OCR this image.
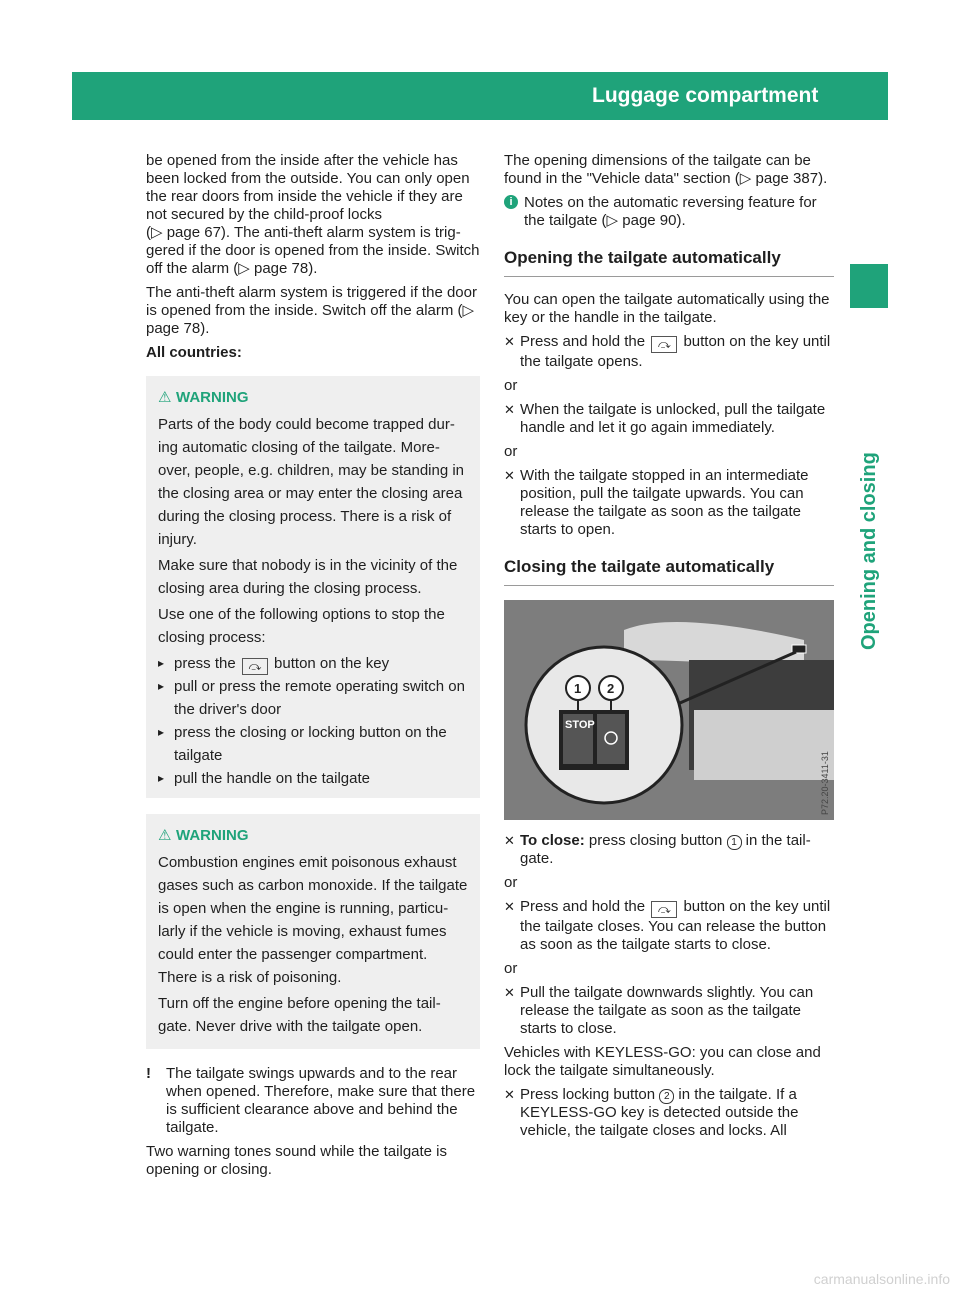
Luggage compartment	91
Opening and closing

be opened from the inside after the vehicle has been locked from the outside. You can only open the rear doors from inside the vehicle if they are not secured by the child-proof locks

(▷ page 67). The anti-theft alarm system is trig-gered if the door is opened from the inside. Switch off the alarm (▷ page 78).

The anti-theft alarm system is triggered if the door is opened from the inside. Switch off the alarm (▷ page 78).

All countries:

⚠ WARNING

Parts of the body could become trapped dur-ing automatic closing of the tailgate. More-over, people, e.g. children, may be standing in the closing area or may enter the closing area during the closing process. There is a risk of injury.

Make sure that nobody is in the vicinity of the closing area during the closing process.

Use one of the following options to stop the closing process:

▸ press the ⤼ button on the key
▸ pull or press the remote operating switch on the driver's door
▸ press the closing or locking button on the tailgate
▸ pull the handle on the tailgate

⚠ WARNING

Combustion engines emit poisonous exhaust gases such as carbon monoxide. If the tailgate is open when the engine is running, particu-larly if the vehicle is moving, exhaust fumes could enter the passenger compartment. There is a risk of poisoning.

Turn off the engine before opening the tail-gate. Never drive with the tailgate open.

! The tailgate swings upwards and to the rear when opened. Therefore, make sure that there is sufficient clearance above and behind the tailgate.

Two warning tones sound while the tailgate is opening or closing.

The opening dimensions of the tailgate can be found in the "Vehicle data" section (▷ page 387).

i Notes on the automatic reversing feature for the tailgate (▷ page 90).
Opening the tailgate automatically

You can open the tailgate automatically using the key or the handle in the tailgate.

✕ Press and hold the ⤼ button on the key until the tailgate opens.

or

✕ When the tailgate is unlocked, pull the tailgate handle and let it go again immediately.

or

✕ With the tailgate stopped in an intermediate position, pull the tailgate upwards. You can release the tailgate as soon as the tailgate starts to open.
Closing the tailgate automatically
STOP
1 2
P72.20-3411-31
✕ To close: press closing button 1 in the tail-gate.

or

✕ Press and hold the ⤼ button on the key until the tailgate closes. You can release the button as soon as the tailgate starts to close.

or

✕ Pull the tailgate downwards slightly. You can release the tailgate as soon as the tailgate starts to close.

Vehicles with KEYLESS-GO: you can close and lock the tailgate simultaneously.

✕ Press locking button 2 in the tailgate. If a KEYLESS-GO key is detected outside the vehicle, the tailgate closes and locks. All
carmanualsonline.info
